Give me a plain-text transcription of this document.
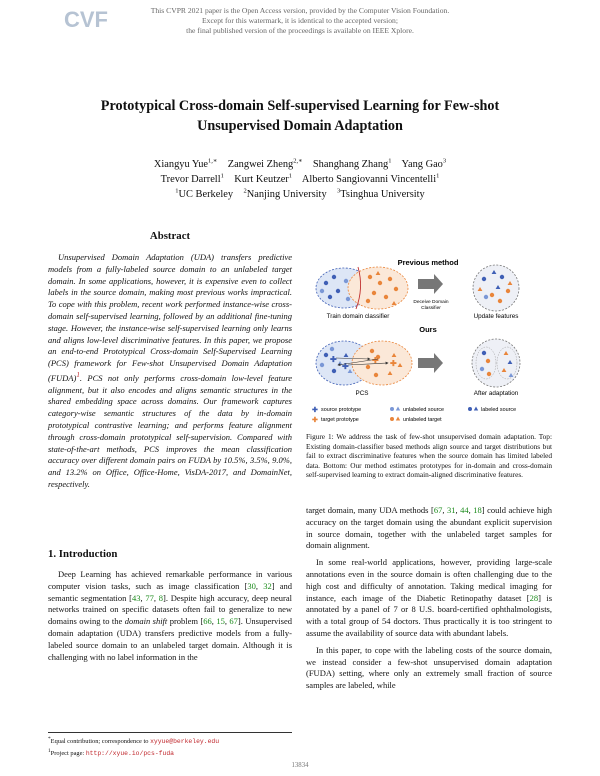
CVF	This CVPR 2021 paper is the Open Access version, provided by the Computer Vision Foundation.
Except for this watermark, it is identical to the accepted version;
the final published version of the proceedings is available on IEEE Xplore.
Prototypical Cross-domain Self-supervised Learning for Few-shot
Unsupervised Domain Adaptation
Xiangyu Yue$^{1,∗}$ Zangwei Zheng$^{2,∗}$ Shanghang Zhang$^1$ Yang Gao$^3$
Trevor Darrell$^1$ Kurt Keutzer$^1$ Alberto Sangiovanni Vincentelli$^1$
$^1$UC Berkeley $^2$Nanjing University $^3$Tsinghua University
Abstract

Unsupervised Domain Adaptation (UDA) transfers predictive models from a fully-labeled source domain to an unlabeled target domain. In some applications, however, it is expensive even to collect labels in the source domain, making most previous works impractical. To cope with this problem, recent work performed instance-wise cross-domain self-supervised learning, followed by an additional fine-tuning stage. However, the instance-wise self-supervised learning only learns and aligns low-level discriminative features. In this paper, we propose an end-to-end Prototypical Cross-domain Self-Supervised Learning (PCS) framework for Few-shot Unsupervised Domain Adaptation (FUDA)$^1$. PCS not only performs cross-domain low-level feature alignment, but it also encodes and aligns semantic structures in the shared embedding space across domains. Our framework captures category-wise semantic structures of the data by in-domain prototypical contrastive learning; and performs feature alignment through cross-domain prototypical self-supervision. Compared with state-of-the-art methods, PCS improves the mean classification accuracy over different domain pairs on FUDA by 10.5%, 3.5%, 9.0%, and 13.2% on Office, Office-Home, VisDA-2017, and DomainNet, respectively.

1. Introduction

Deep Learning has achieved remarkable performance in various computer vision tasks, such as image classification [30, 32] and semantic segmentation [43, 77, 8]. Despite high accuracy, deep neural networks trained on specific datasets often fail to generalize to new domains owing to the domain shift problem [66, 15, 67]. Unsupervised domain adaptation (UDA) transfers predictive models from a fully-labeled source domain to an unlabeled target domain. Although it is challenging with no label information in the

*Equal contribution; correspondence to xyyue@berkeley.edu
$^1$Project page: http://xyue.io/pcs-fuda
Previous method
Train domain classifier
Deceive Domain
Classifier
Update features
Ours
✚
✚
✚ ✚
PCS	After adaptation
✚ source prototype
✚ target prototype
unlabeled source
unlabeled target
labeled source
Figure 1: We address the task of few-shot unsupervised domain adaptation. Top: Existing domain-classifier based methods align source and target distributions but fail to extract discriminative features when the source domain has limited labeled data. Bottom: Our method estimates prototypes for in-domain and cross-domain self-supervised learning to extract domain-aligned discriminative features.

target domain, many UDA methods [67, 31, 44, 18] could achieve high accuracy on the target domain using the abundant explicit supervision in source domain, together with the unlabeled target samples for domain alignment.

In some real-world applications, however, providing large-scale annotations even in the source domain is often challenging due to the high cost and difficulty of annotation. Taking medical imaging for instance, each image of the Diabetic Retinopathy dataset [28] is annotated by a panel of 7 or 8 U.S. board-certified ophthalmologists, with a total group of 54 doctors. Thus practically it is too stringent to assume the availability of source data with abundant labels.

In this paper, to cope with the labeling costs of the source domain, we instead consider a few-shot unsupervised domain adaptation (FUDA) setting, where only an extremely small fraction of source samples are labeled, while

13834
